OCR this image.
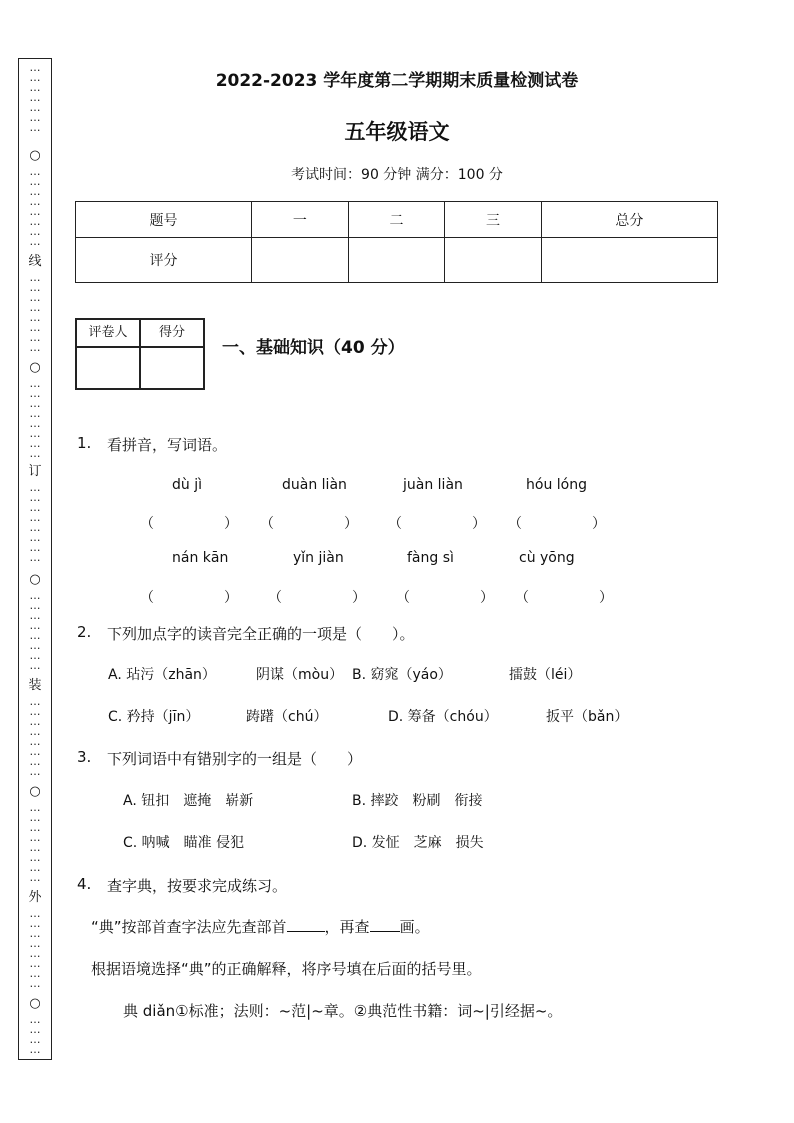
…
…
…
…
…
…
…
○
…
…
…
…
…
…
…
…
线
…
…
…
…
…
…
…
…
○
…
…
…
…
…
…
…
…
订
…
…
…
…
…
…
…
…
○
…
…
…
…
…
…
…
…
装
…
…
…
…
…
…
…
…
○
…
…
…
…
…
…
…
…
外
…
…
…
…
…
…
…
…
○
…
…
…
…
2022-2023 学年度第二学期期末质量检测试卷
五年级语文
考试时间：90 分钟 满分：100 分
题号	一	二	三	总分
评分				
评卷人	得分

一、基础知识（40 分）
1. 看拼音，写词语。
dù jì	duàn liàn	juàn liàn	hóu lóng
（　　　　　） （　　　　　） （　　　　　） （　　　　　）
nán kān	yǐn jiàn	fàng sì	cù yōng
（　　　　　） （　　　　　） （　　　　　） （　　　　　）
2. 下列加点字的读音完全正确的一项是（　　）。
A. 玷污（zhān）	阴谋（mòu） B. 窈窕（yáo）	擂鼓（léi）
C. 矜持（jīn）	踌躇（chú）	D. 筹备（chóu）	扳平（bǎn）
3. 下列词语中有错别字的一组是（　　）
A. 钮扣　遮掩　崭新	B. 摔跤　粉刷　衔接
C. 呐喊　瞄准 侵犯	D. 发怔　芝麻　损失
4. 查字典，按要求完成练习。
“典”按部首查字法应先查部首	，再查 画。
根据语境选择“典”的正确解释，将序号填在后面的括号里。
典 diǎn①标准；法则：~范|~章。②典范性书籍：词~|引经据~。
